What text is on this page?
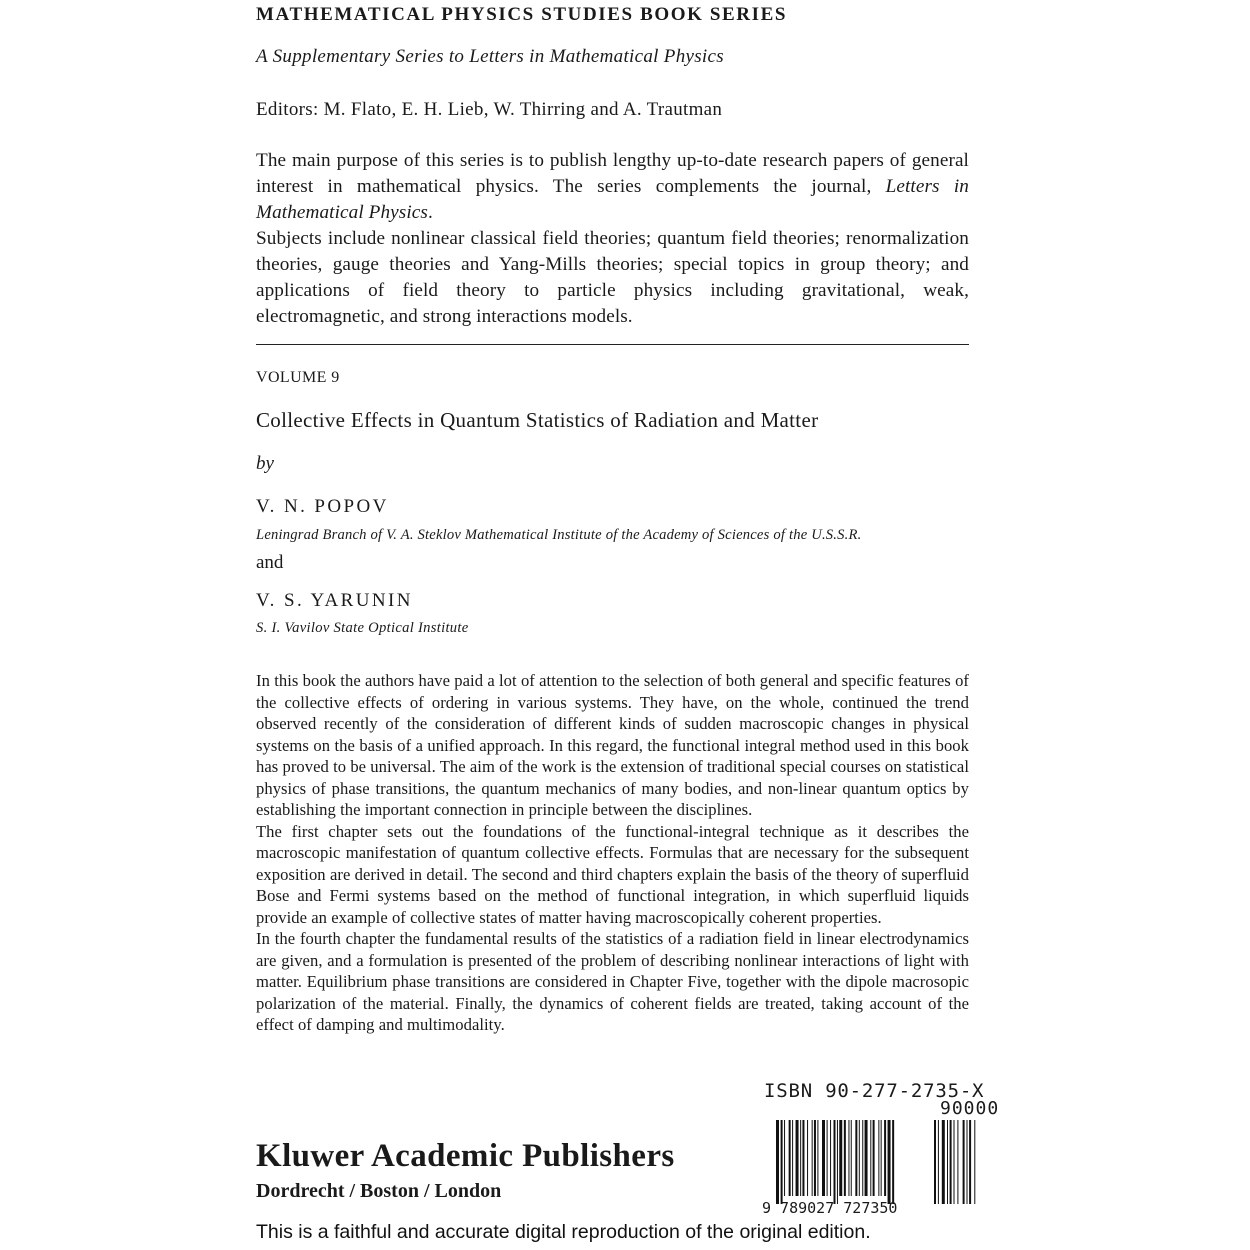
MATHEMATICAL PHYSICS STUDIES BOOK SERIES
A Supplementary Series to Letters in Mathematical Physics
Editors: M. Flato, E. H. Lieb, W. Thirring and A. Trautman

The main purpose of this series is to publish lengthy up-to-date research papers of general interest in mathematical physics. The series complements the journal, Letters in Mathematical Physics.

Subjects include nonlinear classical field theories; quantum field theories; renormalization theories, gauge theories and Yang-Mills theories; special topics in group theory; and applications of field theory to particle physics including gravitational, weak, electromagnetic, and strong interactions models.

VOLUME 9
Collective Effects in Quantum Statistics of Radiation and Matter
by
V. N. POPOV
Leningrad Branch of V. A. Steklov Mathematical Institute of the Academy of Sciences of the U.S.S.R.
and
V. S. YARUNIN
S. I. Vavilov State Optical Institute

In this book the authors have paid a lot of attention to the selection of both general and specific features of the collective effects of ordering in various systems. They have, on the whole, continued the trend observed recently of the consideration of different kinds of sudden macroscopic changes in physical systems on the basis of a unified approach. In this regard, the functional integral method used in this book has proved to be universal. The aim of the work is the extension of traditional special courses on statistical physics of phase transitions, the quantum mechanics of many bodies, and non-linear quantum optics by establishing the important connection in principle between the disciplines.

The first chapter sets out the foundations of the functional-integral technique as it describes the macroscopic manifestation of quantum collective effects. Formulas that are necessary for the subsequent exposition are derived in detail. The second and third chapters explain the basis of the theory of superfluid Bose and Fermi systems based on the method of functional integration, in which superfluid liquids provide an example of collective states of matter having macroscopically coherent properties.

In the fourth chapter the fundamental results of the statistics of a radiation field in linear electrodynamics are given, and a formulation is presented of the problem of describing nonlinear interactions of light with matter. Equilibrium phase transitions are considered in Chapter Five, together with the dipole macrosopic polarization of the material. Finally, the dynamics of coherent fields are treated, taking account of the effect of damping and multimodality.

Kluwer Academic Publishers
Dordrecht / Boston / London
ISBN 90-277-2735-X
90000
9 789027 727350
This is a faithful and accurate digital reproduction of the original edition.
